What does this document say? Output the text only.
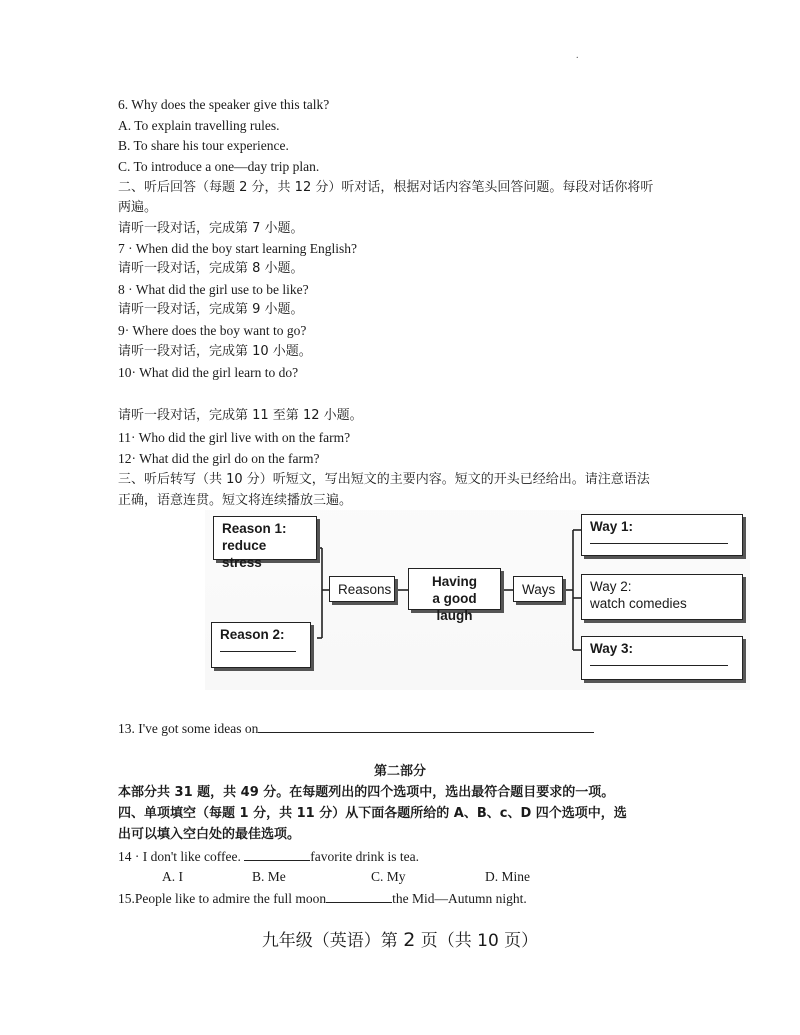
.
6. Why does the speaker give this talk?
A. To explain travelling rules.
B. To share his tour experience.
C. To introduce a one—day trip plan.
二、听后回答（每题 2 分，共 12 分）听对话，根据对话内容笔头回答问题。每段对话你将听
两遍。
请听一段对话，完成第 7 小题。
7 · When did the boy start learning English?
请听一段对话，完成第 8 小题。
8 · What did the girl use to be like?
请听一段对话，完成第 9 小题。
9· Where does the boy want to go?
请听一段对话，完成第 10 小题。
10· What did the girl learn to do?
请听一段对话，完成第 11 至第 12 小题。
11· Who did the girl live with on the farm?
12· What did the girl do on the farm?
三、听后转写（共 10 分）听短文，写出短文的主要内容。短文的开头已经给出。请注意语法
正确，语意连贯。短文将连续播放三遍。
Reason 1:
reduce stress
Reason 2:
Reasons
Having
a good laugh
Ways
Way 1:
Way 2:
watch comedies
Way 3:
13. I've got some ideas on
第二部分
本部分共 31 题，共 49 分。在每题列出的四个选项中，选出最符合题目要求的一项。
四、单项填空（每题 1 分，共 11 分）从下面各题所给的 A、B、c、D 四个选项中，选
出可以填入空白处的最佳选项。
14 · I don't like coffee.	favorite drink is tea.
A. I	B. Me	C. My	D. Mine
15.People like to admire the full moon	the Mid—Autumn night.
九年级（英语）第 2 页（共 10 页）
